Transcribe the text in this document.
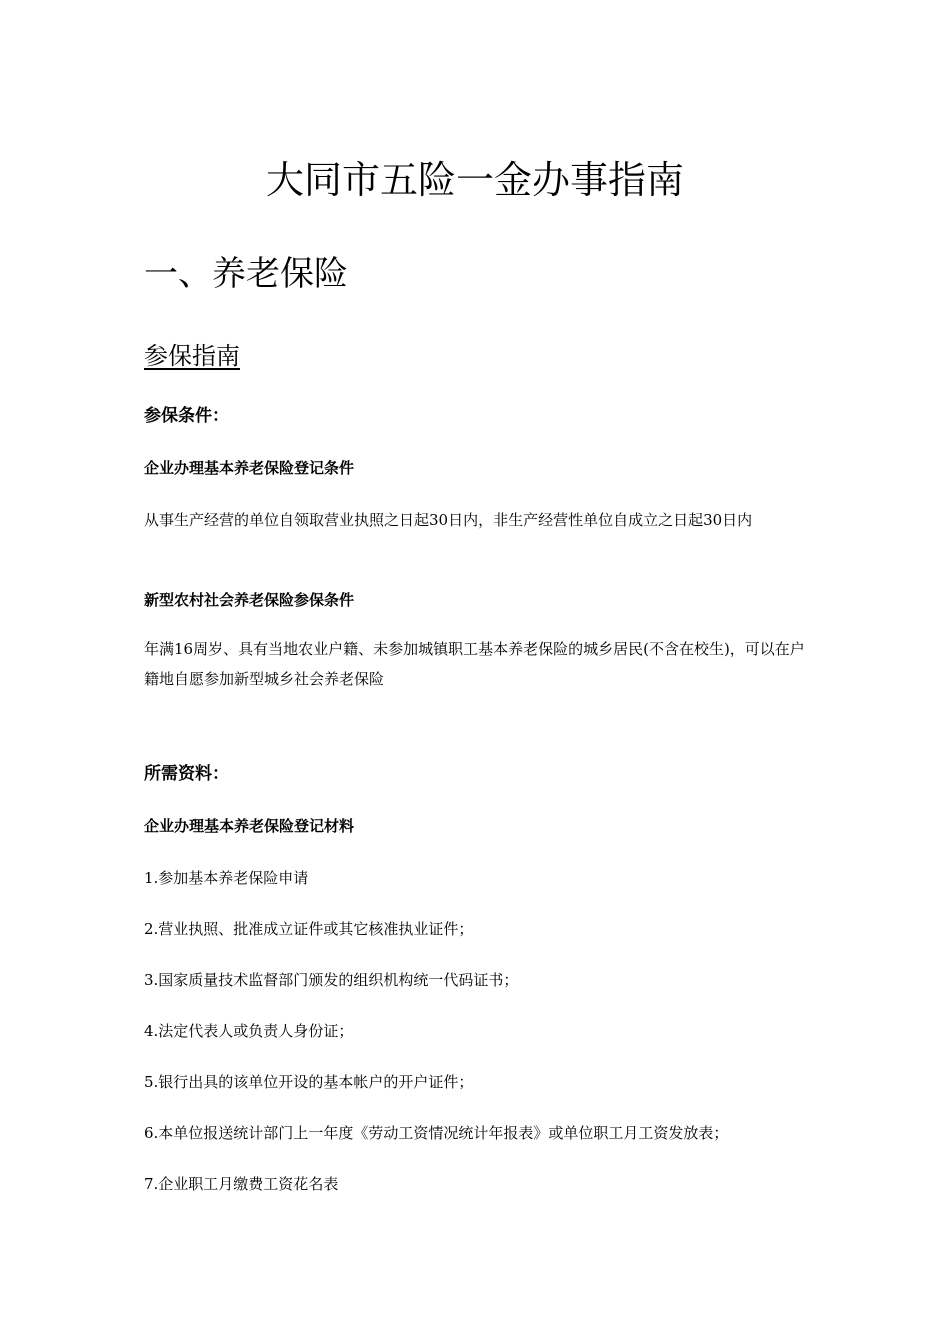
大同市五险一金办事指南
一、养老保险
参保指南
参保条件：
企业办理基本养老保险登记条件

从事生产经营的单位自领取营业执照之日起30日内，非生产经营性单位自成立之日起30日内

新型农村社会养老保险参保条件

年满16周岁、具有当地农业户籍、未参加城镇职工基本养老保险的城乡居民(不含在校生)，可以在户籍地自愿参加新型城乡社会养老保险

所需资料：
企业办理基本养老保险登记材料
1.参加基本养老保险申请
2.营业执照、批准成立证件或其它核准执业证件；
3.国家质量技术监督部门颁发的组织机构统一代码证书；
4.法定代表人或负责人身份证；
5.银行出具的该单位开设的基本帐户的开户证件；
6.本单位报送统计部门上一年度《劳动工资情况统计年报表》或单位职工月工资发放表；
7.企业职工月缴费工资花名表
